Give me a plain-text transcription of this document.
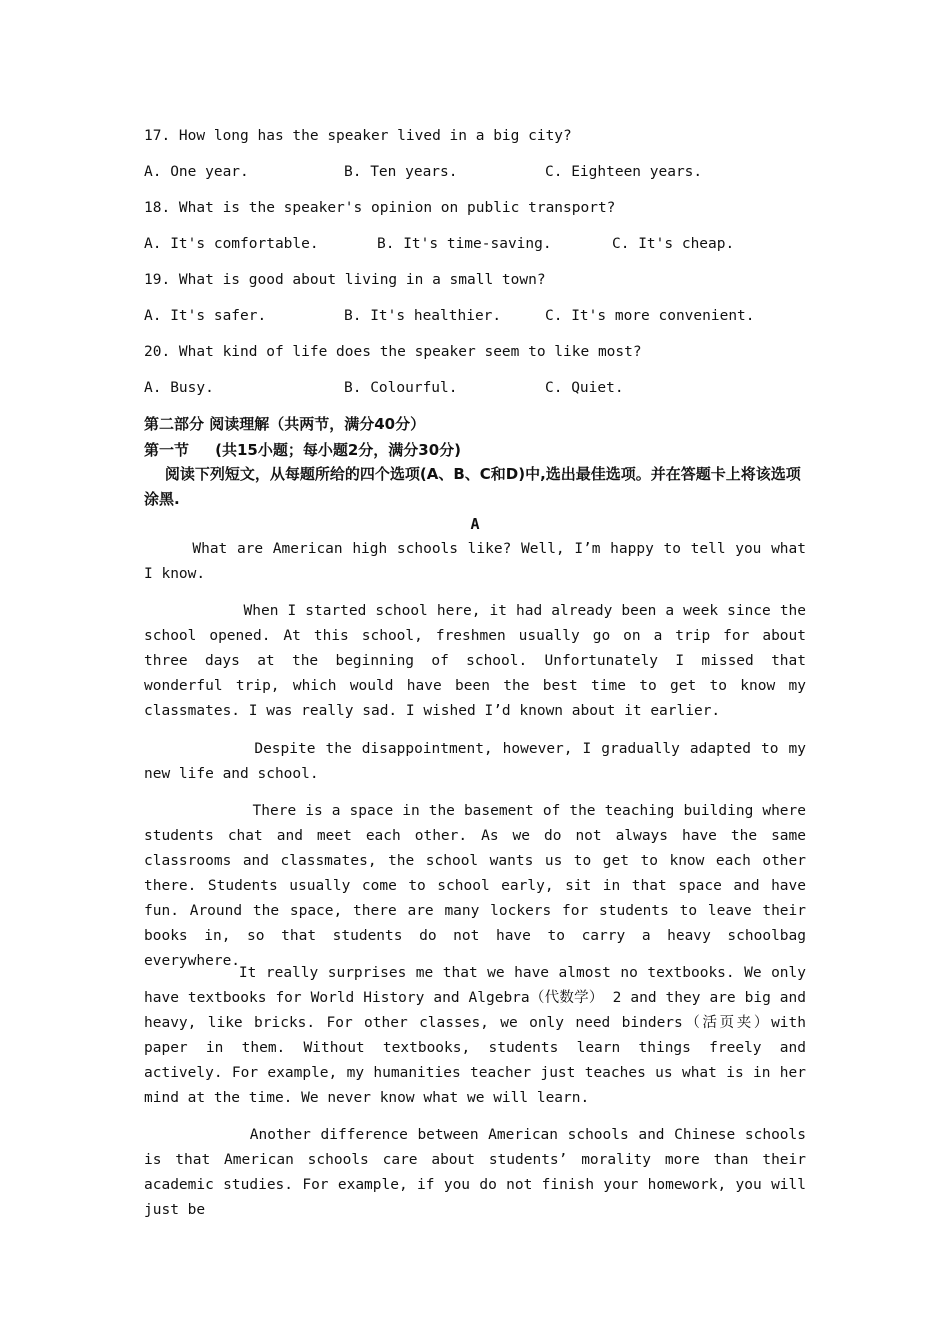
17. How long has the speaker lived in a big city?
A. One year.	B. Ten years.	C. Eighteen years.
18. What is the speaker's opinion on public transport?
A. It's comfortable.	B. It's time-saving.	C. It's cheap.
19. What is good about living in a small town?
A. It's safer.	B. It's healthier.	C. It's more convenient.
20. What kind of life does the speaker seem to like most?
A. Busy.	B. Colourful.	C. Quiet.
第二部分 阅读理解（共两节，满分40分）
第一节     (共15小题；每小题2分，满分30分)
阅读下列短文，从每题所给的四个选项(A、B、C和D)中,选出最佳选项。并在答题卡上将该选项涂黑.
A
What are American high schools like? Well, I’m happy to tell you what I know.
When I started school here, it had already been a week since the school opened. At this school, freshmen usually go on a trip for about three days at the beginning of school. Unfortunately I missed that wonderful trip, which would have been the best time to get to know my classmates. I was really sad. I wished I’d known about it earlier.
Despite the disappointment, however, I gradually adapted to my new life and school.
There is a space in the basement of the teaching building where students chat and meet each other. As we do not always have the same classrooms and classmates, the school wants us to get to know each other there. Students usually come to school early, sit in that space and have fun. Around the space, there are many lockers for students to leave their books in, so that students do not have to carry a heavy schoolbag everywhere.
It really surprises me that we have almost no textbooks. We only have textbooks for World History and Algebra（代数学） 2 and they are big and heavy, like bricks. For other classes, we only need binders（活页夹）with paper in them. Without textbooks, students learn things freely and actively. For example, my humanities teacher just teaches us what is in her mind at the time. We never know what we will learn.
Another difference between American schools and Chinese schools is that American schools care about students’ morality more than their academic studies. For example, if you do not finish your homework, you will just be
